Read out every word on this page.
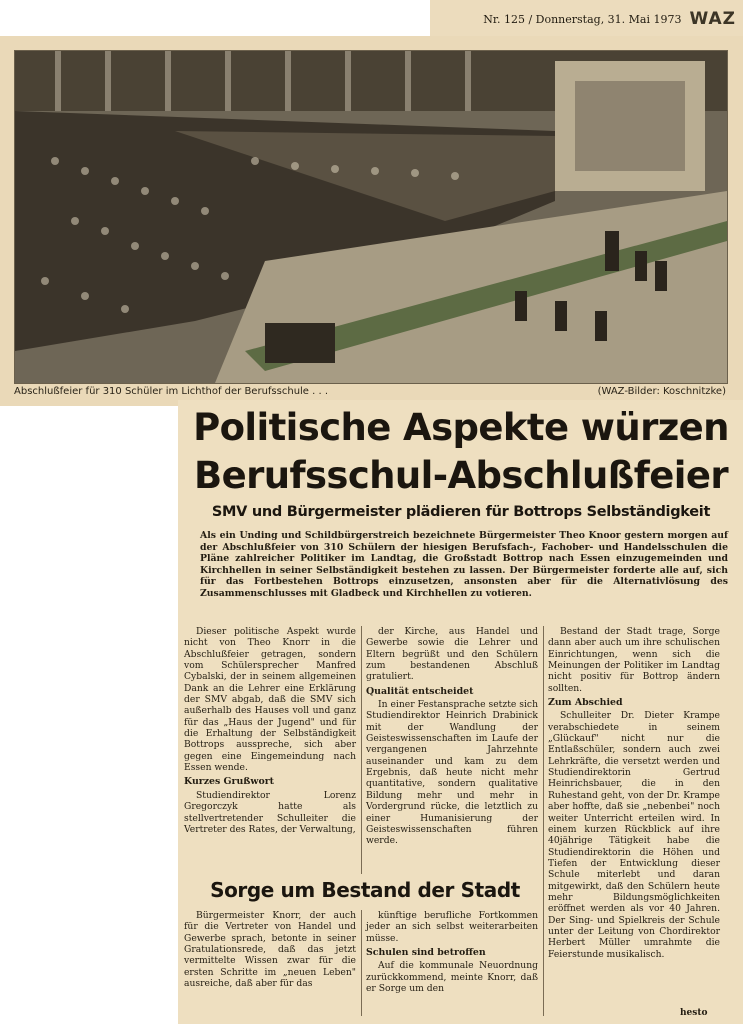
Nr. 125 / Donnerstag, 31. Mai 1973 WAZ
Abschlußfeier für 310 Schüler im Lichthof der Berufsschule . . .	(WAZ-Bilder: Koschnitzke)
Politische Aspekte würzen
Berufsschul-Abschlußfeier
SMV und Bürgermeister plädieren für Bottrops Selbständigkeit
Als ein Unding und Schildbürgerstreich bezeichnete Bürgermeister Theo Knoor gestern morgen auf der Abschlußfeier von 310 Schülern der hiesigen Berufsfach-, Fachober- und Handelsschulen die Pläne zahlreicher Politiker im Landtag, die Großstadt Bottrop nach Essen einzugemeinden und Kirchhellen in seiner Selbständigkeit bestehen zu lassen. Der Bürgermeister forderte alle auf, sich für das Fortbestehen Bottrops einzusetzen, ansonsten aber für die Alternativlösung des Zusammenschlusses mit Gladbeck und Kirchhellen zu votieren.

Dieser politische Aspekt wurde nicht von Theo Knorr in die Abschlußfeier getragen, sondern vom Schülersprecher Manfred Cybalski, der in seinem allgemeinen Dank an die Lehrer eine Erklärung der SMV abgab, daß die SMV sich außerhalb des Hauses voll und ganz für das „Haus der Jugend" und für die Erhaltung der Selbständigkeit Bottrops ausspreche, sich aber gegen eine Eingemeindung nach Essen wende.

Kurzes Grußwort

Studiendirektor Lorenz Gregorczyk hatte als stellvertretender Schulleiter die Vertreter des Rates, der Verwaltung,

der Kirche, aus Handel und Gewerbe sowie die Lehrer und Eltern begrüßt und den Schülern zum bestandenen Abschluß gratuliert.

Qualität entscheidet

In einer Festansprache setzte sich Studiendirektor Heinrich Drabinick mit der Wandlung der Geisteswissenschaften im Laufe der vergangenen Jahrzehnte auseinander und kam zu dem Ergebnis, daß heute nicht mehr quantitative, sondern qualitative Bildung mehr und mehr in Vordergrund rücke, die letztlich zu einer Humanisierung der Geisteswissenschaften führen werde.

Bestand der Stadt trage, Sorge dann aber auch um ihre schulischen Einrichtungen, wenn sich die Meinungen der Politiker im Landtag nicht positiv für Bottrop ändern sollten.

Zum Abschied

Schulleiter Dr. Dieter Krampe verabschiedete in seinem „Glückauf" nicht nur die Entlaßschüler, sondern auch zwei Lehrkräfte, die versetzt werden und Studiendirektorin Gertrud Heinrichsbauer, die in den Ruhestand geht, von der Dr. Krampe aber hoffte, daß sie „nebenbei" noch weiter Unterricht erteilen wird. In einem kurzen Rückblick auf ihre 40jährige Tätigkeit habe die Studiendirektorin die Höhen und Tiefen der Entwicklung dieser Schule miterlebt und daran mitgewirkt, daß den Schülern heute mehr Bildungsmöglichkeiten eröffnet werden als vor 40 Jahren. Der Sing- und Spielkreis der Schule unter der Leitung von Chordirektor Herbert Müller umrahmte die Feierstunde musikalisch.

Sorge um Bestand der Stadt

Bürgermeister Knorr, der auch für die Vertreter von Handel und Gewerbe sprach, betonte in seiner Gratulationsrede, daß das jetzt vermittelte Wissen zwar für die ersten Schritte im „neuen Leben" ausreiche, daß aber für das

künftige berufliche Fortkommen jeder an sich selbst weiterarbeiten müsse.

Schulen sind betroffen

Auf die kommunale Neuordnung zurückkommend, meinte Knorr, daß er Sorge um den

hesto
